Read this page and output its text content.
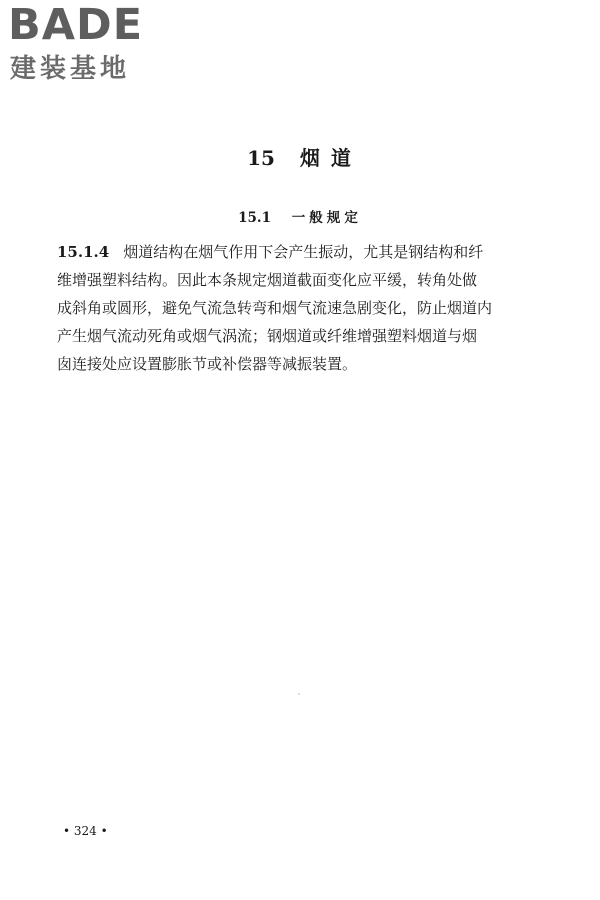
BADE
建装基地
15 烟 道
15.1 一般规定
15.1.4 烟道结构在烟气作用下会产生振动，尤其是钢结构和纤
维增强塑料结构。因此本条规定烟道截面变化应平缓，转角处做
成斜角或圆形，避免气流急转弯和烟气流速急剧变化，防止烟道内
产生烟气流动死角或烟气涡流；钢烟道或纤维增强塑料烟道与烟
囱连接处应设置膨胀节或补偿器等减振装置。
• 324 •
